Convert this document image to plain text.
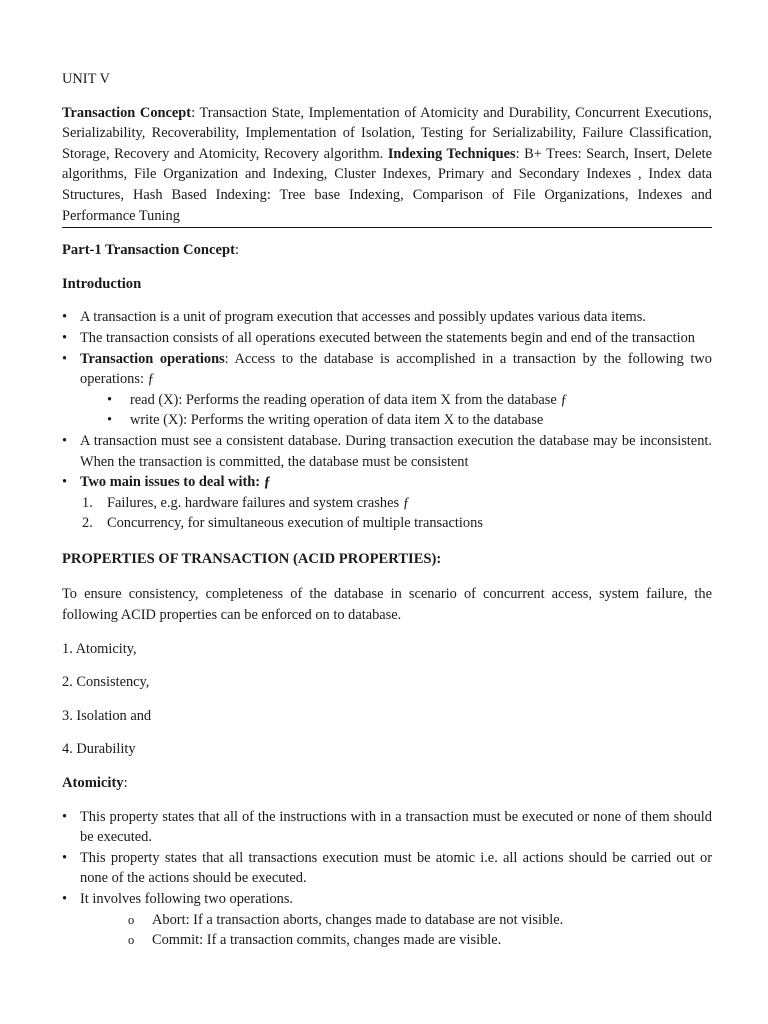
UNIT V

Transaction Concept: Transaction State, Implementation of Atomicity and Durability, Concurrent Executions, Serializability, Recoverability, Implementation of Isolation, Testing for Serializability, Failure Classification, Storage, Recovery and Atomicity, Recovery algorithm. Indexing Techniques: B+ Trees: Search, Insert, Delete algorithms, File Organization and Indexing, Cluster Indexes, Primary and Secondary Indexes , Index data Structures, Hash Based Indexing: Tree base Indexing, Comparison of File Organizations, Indexes and Performance Tuning

Part-1 Transaction Concept:

Introduction

• A transaction is a unit of program execution that accesses and possibly updates various data items.
• The transaction consists of all operations executed between the statements begin and end of the transaction
• Transaction operations: Access to the database is accomplished in a transaction by the following two operations: ƒ
• read (X): Performs the reading operation of data item X from the database ƒ
• write (X): Performs the writing operation of data item X to the database
• A transaction must see a consistent database. During transaction execution the database may be inconsistent. When the transaction is committed, the database must be consistent
• Two main issues to deal with: ƒ
1. Failures, e.g. hardware failures and system crashes ƒ
2. Concurrency, for simultaneous execution of multiple transactions

PROPERTIES OF TRANSACTION (ACID PROPERTIES):

To ensure consistency, completeness of the database in scenario of concurrent access, system failure, the following ACID properties can be enforced on to database.

1. Atomicity,

2. Consistency,

3. Isolation and

4. Durability

Atomicity:

• This property states that all of the instructions with in a transaction must be executed or none of them should be executed.
• This property states that all transactions execution must be atomic i.e. all actions should be carried out or none of the actions should be executed.
• It involves following two operations.
o Abort: If a transaction aborts, changes made to database are not visible.
o Commit: If a transaction commits, changes made are visible.
